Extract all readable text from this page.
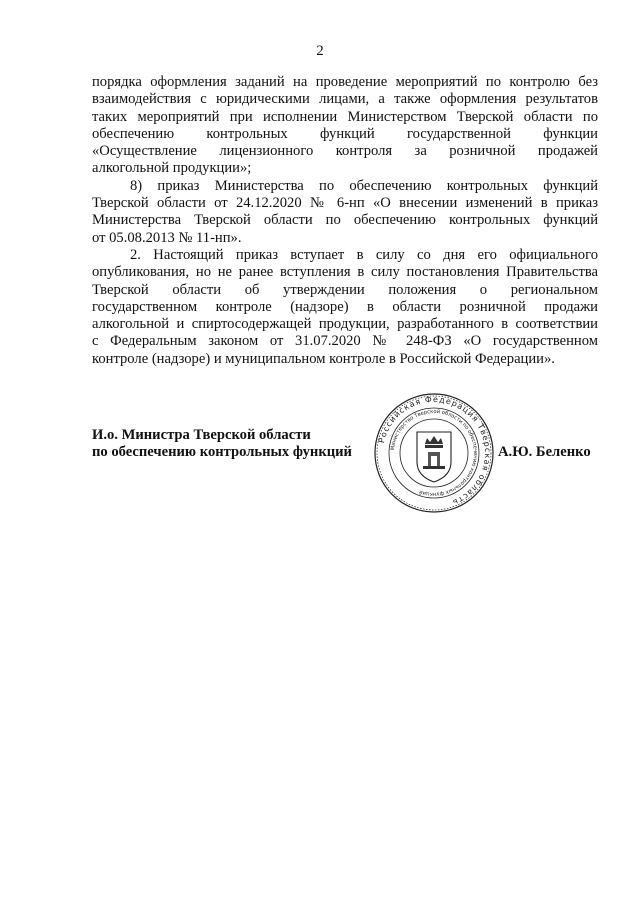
2

порядка оформления заданий на проведение мероприятий по контролю без

взаимодействия с юридическими лицами, а также оформления результатов

таких мероприятий при исполнении Министерством Тверской области по

обеспечению контрольных функций государственной функции

«Осуществление лицензионного контроля за розничной продажей

алкогольной продукции»;

8) приказ Министерства по обеспечению контрольных функций

Тверской области от 24.12.2020 № 6-нп «О внесении изменений в приказ

Министерства Тверской области по обеспечению контрольных функций

от 05.08.2013 № 11-нп».

2. Настоящий приказ вступает в силу со дня его официального

опубликования, но не ранее вступления в силу постановления Правительства

Тверской области об утверждении положения о региональном

государственном контроле (надзоре) в области розничной продажи

алкогольной и спиртосодержащей продукции, разработанного в соответствии

с Федеральным законом от 31.07.2020 № 248-ФЗ «О государственном

контроле (надзоре) и муниципальном контроле в Российской Федерации».

И.о. Министра Тверской области
по обеспечению контрольных функций
Российская Федерация Тверская область
Министерство Тверской области по обеспечению контрольных функций
А.Ю. Беленко
